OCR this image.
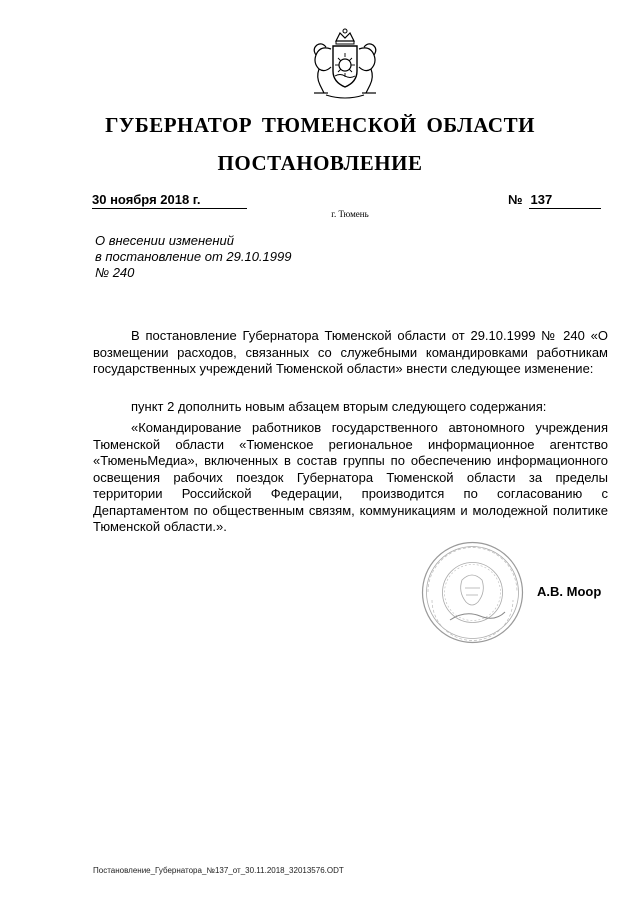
ГУБЕРНАТОР ТЮМЕНСКОЙ ОБЛАСТИ
ПОСТАНОВЛЕНИЕ
30 ноября 2018 г.	№ 137
г. Тюмень
О внесении изменений
в постановление от 29.10.1999
№ 240
В постановление Губернатора Тюменской области от 29.10.1999 № 240 «О возмещении расходов, связанных со служебными командировками работникам государственных учреждений Тюменской области» внести следующее изменение:
пункт 2 дополнить новым абзацем вторым следующего содержания:
«Командирование работников государственного автономного учреждения Тюменской области «Тюменское региональное информационное агентство «ТюменьМедиа», включенных в состав группы по обеспечению информационного освещения рабочих поездок Губернатора Тюменской области за пределы территории Российской Федерации, производится по согласованию с Департаментом по общественным связям, коммуникациям и молодежной политике Тюменской области.».
А.В. Моор
Постановление_Губернатора_№137_от_30.11.2018_32013576.ODT
